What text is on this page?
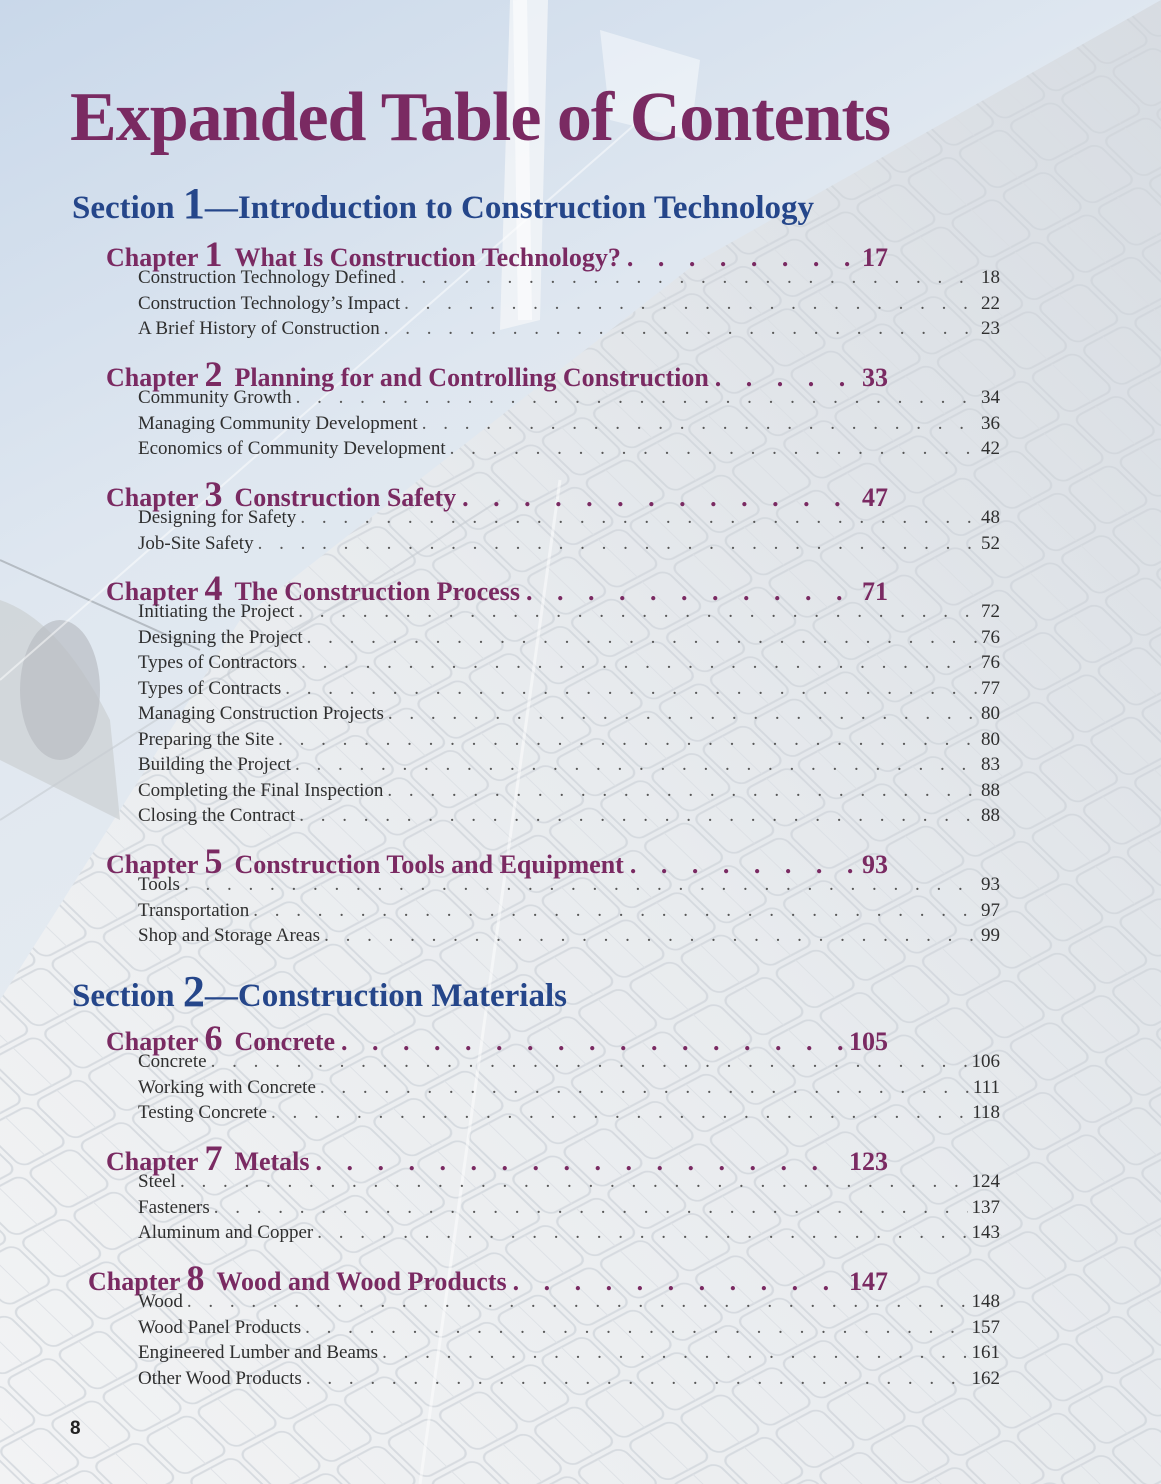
Expanded Table of Contents
Section 1—Introduction to Construction Technology
Chapter 1 What Is Construction Technology? . . .	17
Construction Technology Defined . . .	18
Construction Technology’s Impact . . .	22
A Brief History of Construction . . .	23
Chapter 2 Planning for and Controlling Construction . . .	33
Community Growth . . .	34
Managing Community Development . . .	36
Economics of Community Development . . .	42
Chapter 3 Construction Safety . . .	47
Designing for Safety . . .	48
Job-Site Safety . . .	52
Chapter 4 The Construction Process . . .	71
Initiating the Project . . .	72
Designing the Project . . .	76
Types of Contractors . . .	76
Types of Contracts . . .	77
Managing Construction Projects . . .	80
Preparing the Site . . .	80
Building the Project . . .	83
Completing the Final Inspection . . .	88
Closing the Contract . . .	88
Chapter 5 Construction Tools and Equipment . . .	93
Tools . . .	93
Transportation . . .	97
Shop and Storage Areas . . .	99
Section 2—Construction Materials
Chapter 6 Concrete . . .	105
Concrete . . .	106
Working with Concrete . . .	111
Testing Concrete . . .	118
Chapter 7 Metals . . .	123
Steel . . .	124
Fasteners . . .	137
Aluminum and Copper . . .	143
Chapter 8 Wood and Wood Products . . .	147
Wood . . .	148
Wood Panel Products . . .	157
Engineered Lumber and Beams . . .	161
Other Wood Products . . .	162
8
